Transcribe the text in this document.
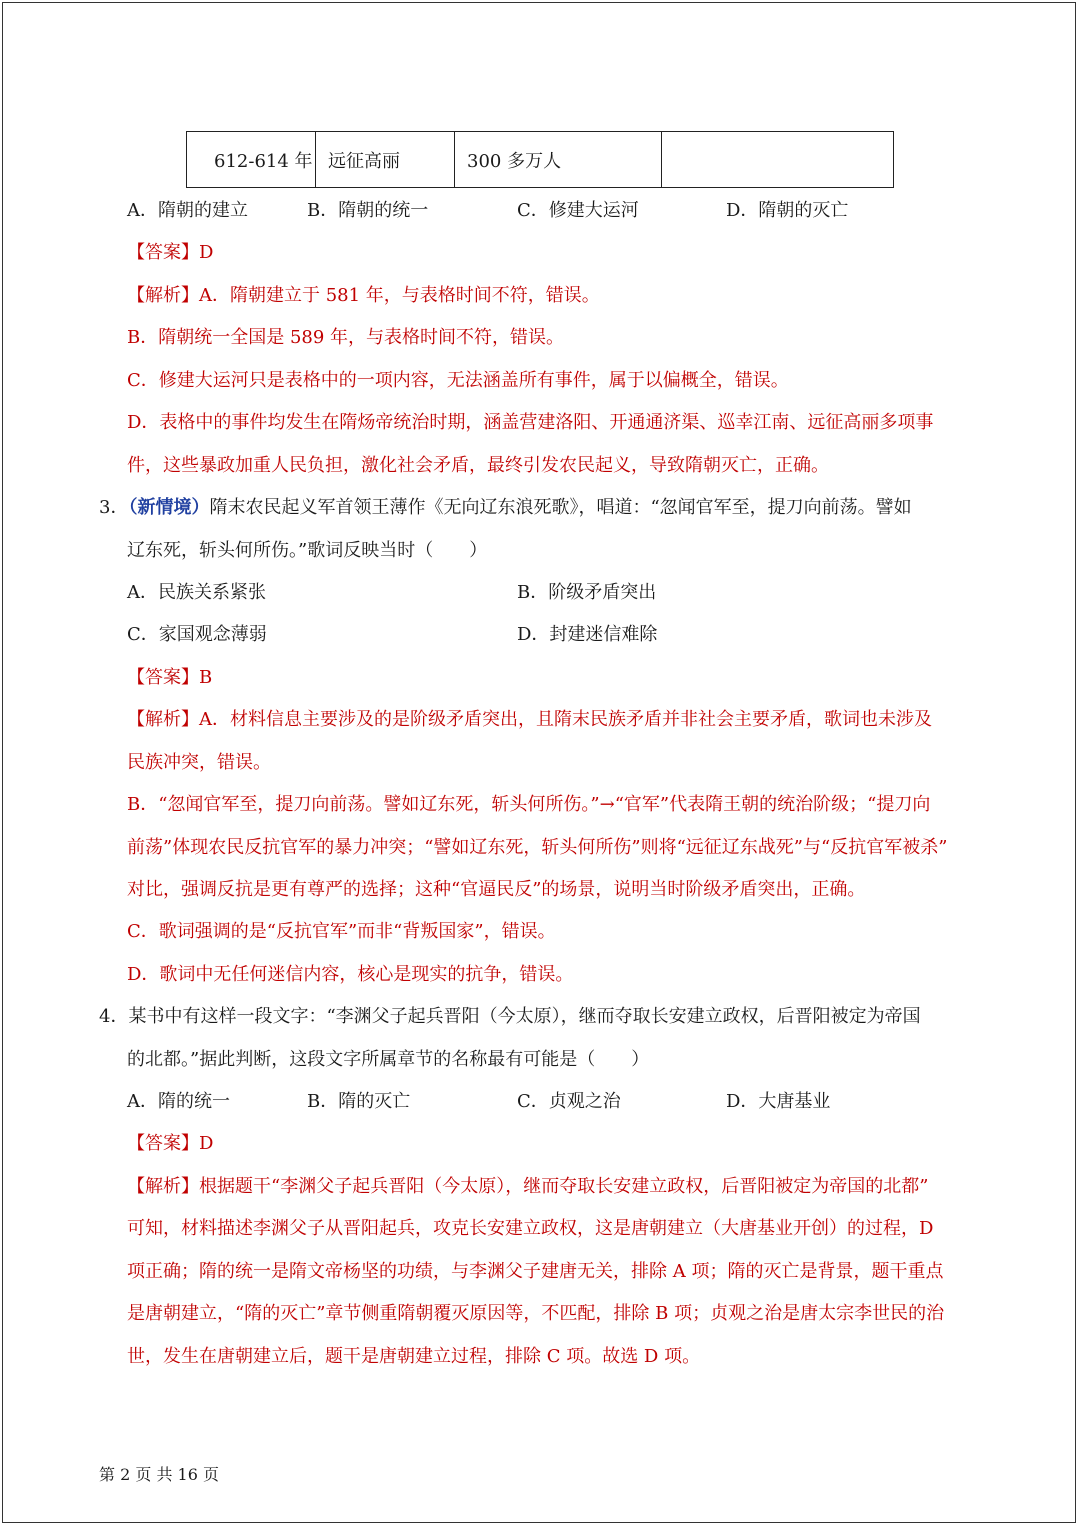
612-614 年	远征高丽	300 多万人	
A．隋朝的建立	B．隋朝的统一	C．修建大运河	D．隋朝的灭亡
【答案】D
【解析】A．隋朝建立于 581 年，与表格时间不符，错误。
B．隋朝统一全国是 589 年，与表格时间不符，错误。
C．修建大运河只是表格中的一项内容，无法涵盖所有事件，属于以偏概全，错误。
D．表格中的事件均发生在隋炀帝统治时期，涵盖营建洛阳、开通通济渠、巡幸江南、远征高丽多项事
件，这些暴政加重人民负担，激化社会矛盾，最终引发农民起义，导致隋朝灭亡，正确。
3．（新情境）隋末农民起义军首领王薄作《无向辽东浪死歌》，唱道：“忽闻官军至，提刀向前荡。譬如
辽东死，斩头何所伤。”歌词反映当时（　　）
A．民族关系紧张	B．阶级矛盾突出
C．家国观念薄弱	D．封建迷信难除
【答案】B
【解析】A．材料信息主要涉及的是阶级矛盾突出，且隋末民族矛盾并非社会主要矛盾，歌词也未涉及
民族冲突，错误。
B．“忽闻官军至，提刀向前荡。譬如辽东死，斩头何所伤。”→“官军”代表隋王朝的统治阶级；“提刀向
前荡”体现农民反抗官军的暴力冲突；“譬如辽东死，斩头何所伤”则将“远征辽东战死”与“反抗官军被杀”
对比，强调反抗是更有尊严的选择；这种“官逼民反”的场景，说明当时阶级矛盾突出，正确。
C．歌词强调的是“反抗官军”而非“背叛国家”，错误。
D．歌词中无任何迷信内容，核心是现实的抗争，错误。
4．某书中有这样一段文字：“李渊父子起兵晋阳（今太原），继而夺取长安建立政权，后晋阳被定为帝国
的北都。”据此判断，这段文字所属章节的名称最有可能是（　　）
A．隋的统一	B．隋的灭亡	C．贞观之治	D．大唐基业
【答案】D
【解析】根据题干“李渊父子起兵晋阳（今太原），继而夺取长安建立政权，后晋阳被定为帝国的北都”
可知，材料描述李渊父子从晋阳起兵，攻克长安建立政权，这是唐朝建立（大唐基业开创）的过程，D
项正确；隋的统一是隋文帝杨坚的功绩，与李渊父子建唐无关，排除 A 项；隋的灭亡是背景，题干重点
是唐朝建立，“隋的灭亡”章节侧重隋朝覆灭原因等，不匹配，排除 B 项；贞观之治是唐太宗李世民的治
世，发生在唐朝建立后，题干是唐朝建立过程，排除 C 项。故选 D 项。
第 2 页 共 16 页
